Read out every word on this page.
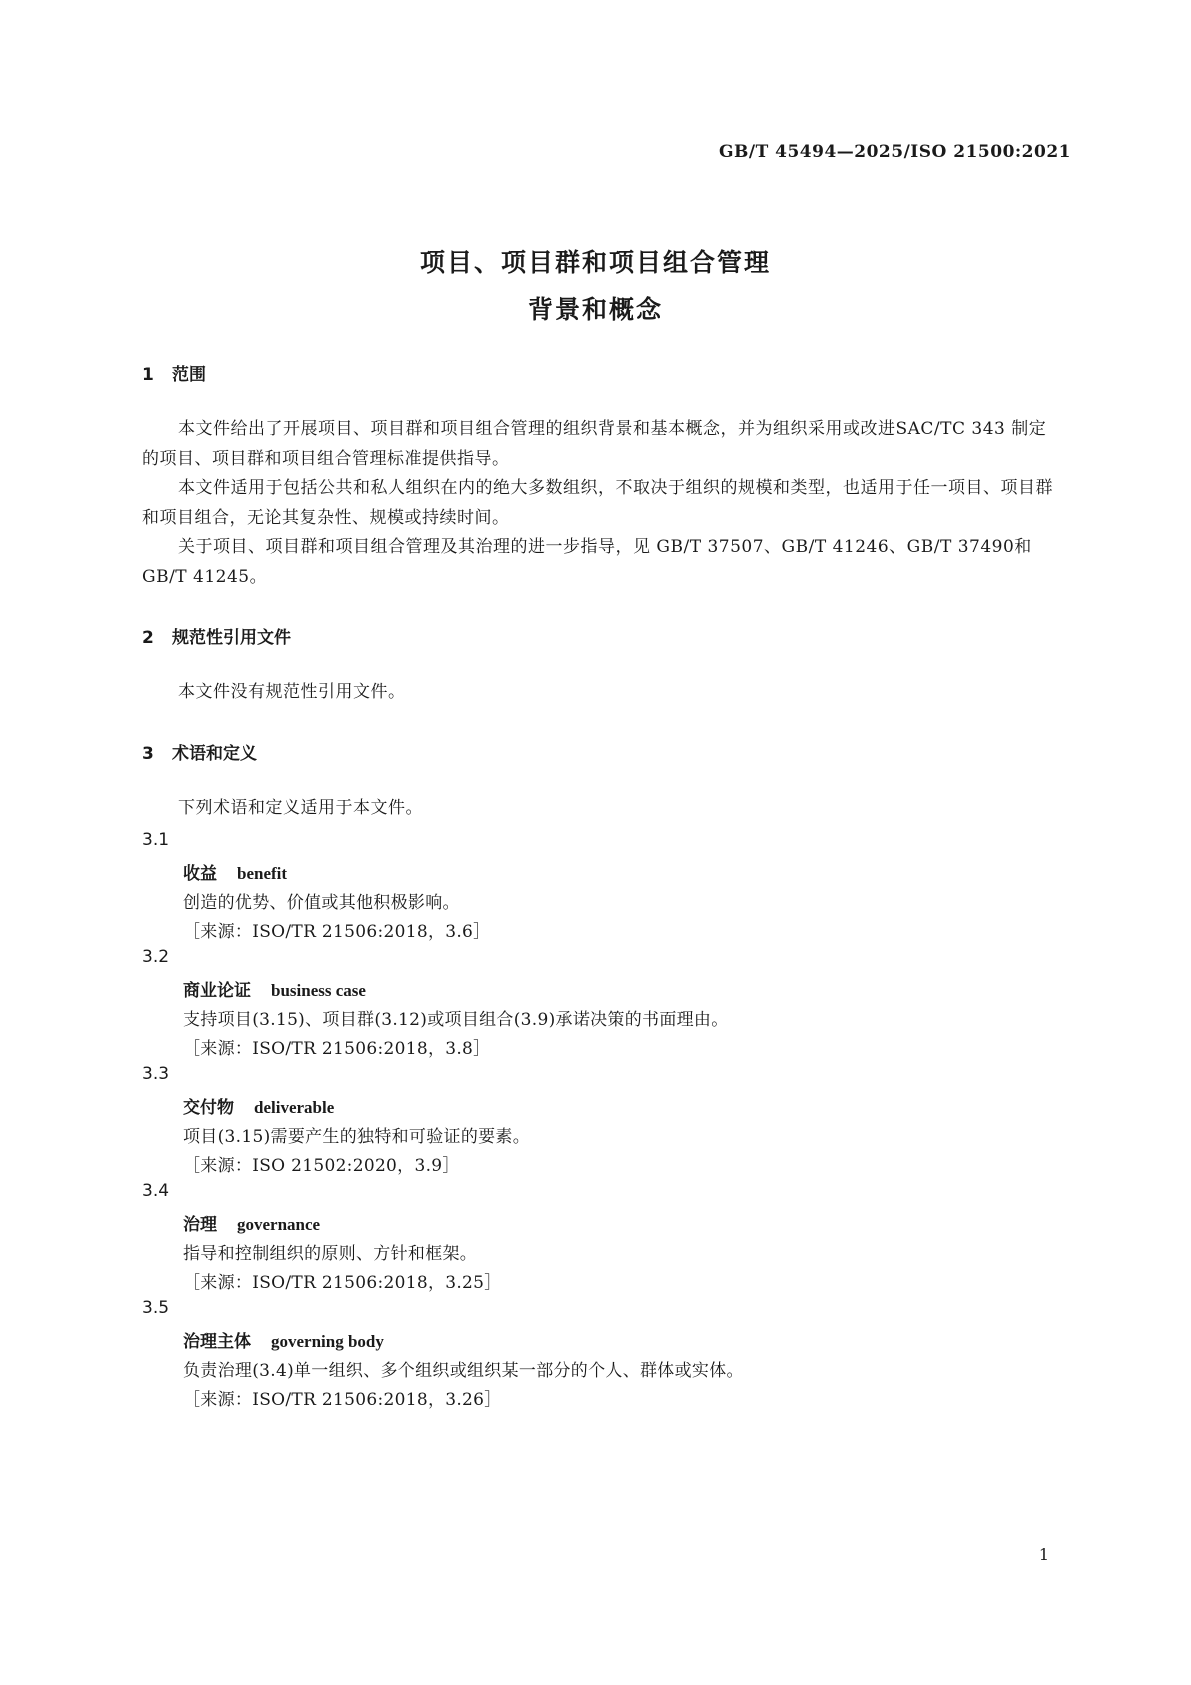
GB/T 45494—2025/ISO 21500:2021
项目、项目群和项目组合管理
背景和概念
1 范围
本文件给出了开展项目、项目群和项目组合管理的组织背景和基本概念，并为组织采用或改进SAC/TC 343 制定的项目、项目群和项目组合管理标准提供指导。
本文件适用于包括公共和私人组织在内的绝大多数组织，不取决于组织的规模和类型，也适用于任一项目、项目群和项目组合，无论其复杂性、规模或持续时间。
关于项目、项目群和项目组合管理及其治理的进一步指导，见 GB/T 37507、GB/T 41246、GB/T 37490和 GB/T 41245。
2 规范性引用文件
本文件没有规范性引用文件。
3 术语和定义
下列术语和定义适用于本文件。
3.1
收益 benefit
创造的优势、价值或其他积极影响。
［来源：ISO/TR 21506:2018，3.6］
3.2
商业论证 business case
支持项目(3.15)、项目群(3.12)或项目组合(3.9)承诺决策的书面理由。
［来源：ISO/TR 21506:2018，3.8］
3.3
交付物 deliverable
项目(3.15)需要产生的独特和可验证的要素。
［来源：ISO 21502:2020，3.9］
3.4
治理 governance
指导和控制组织的原则、方针和框架。
［来源：ISO/TR 21506:2018，3.25］
3.5
治理主体 governing body
负责治理(3.4)单一组织、多个组织或组织某一部分的个人、群体或实体。
［来源：ISO/TR 21506:2018，3.26］
1
